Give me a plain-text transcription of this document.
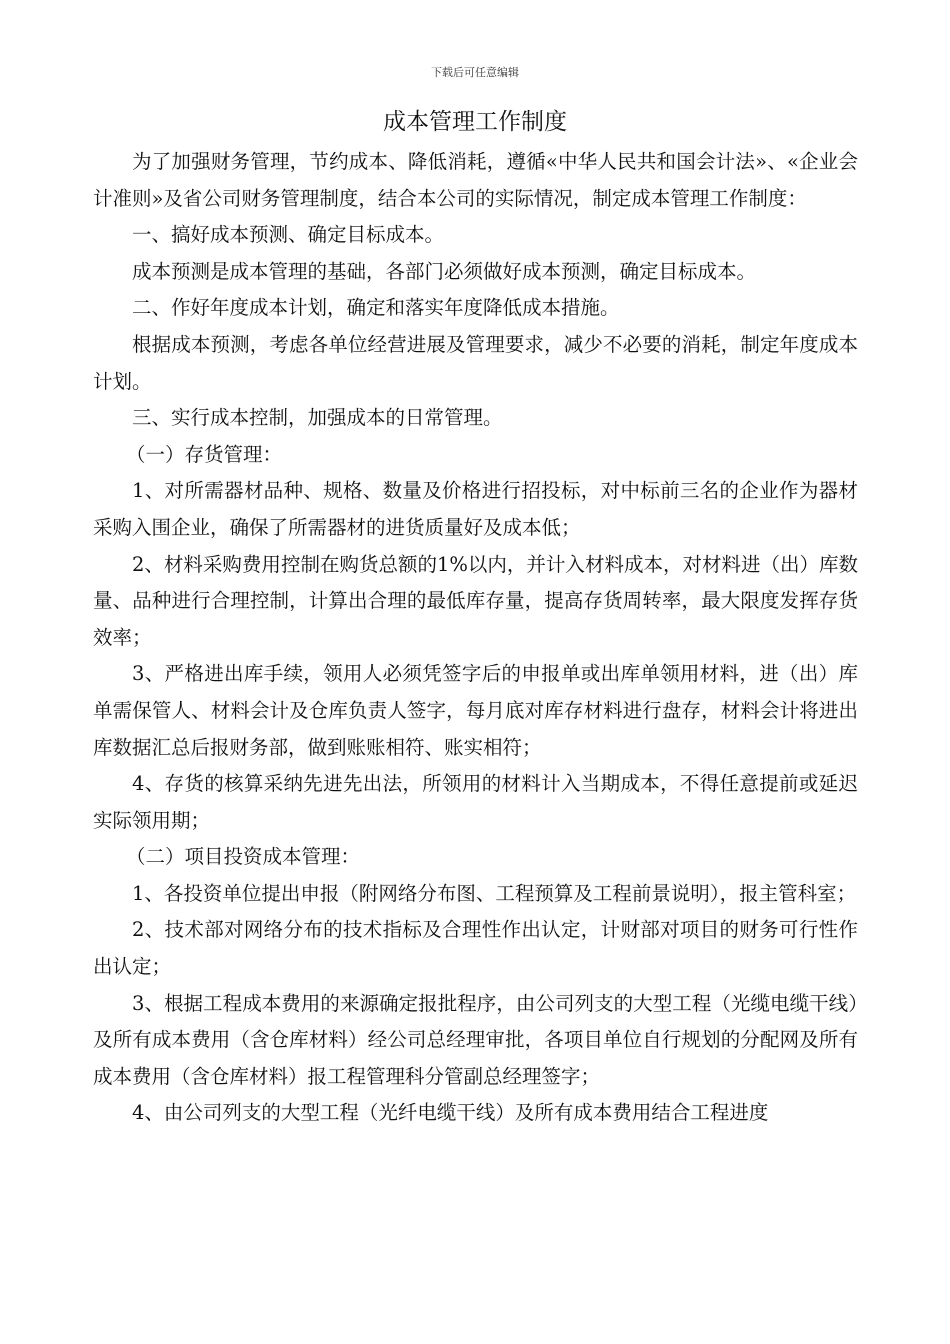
下载后可任意编辑
成本管理工作制度

为了加强财务管理，节约成本、降低消耗，遵循«中华人民共和国会计法»、«企业会计准则»及省公司财务管理制度，结合本公司的实际情况，制定成本管理工作制度：

一、搞好成本预测、确定目标成本。

成本预测是成本管理的基础，各部门必须做好成本预测，确定目标成本。

二、作好年度成本计划，确定和落实年度降低成本措施。

根据成本预测，考虑各单位经营进展及管理要求，减少不必要的消耗，制定年度成本计划。

三、实行成本控制，加强成本的日常管理。

（一）存货管理：

1、对所需器材品种、规格、数量及价格进行招投标，对中标前三名的企业作为器材采购入围企业，确保了所需器材的进货质量好及成本低；

2、材料采购费用控制在购货总额的1%以内，并计入材料成本，对材料进（出）库数量、品种进行合理控制，计算出合理的最低库存量，提高存货周转率，最大限度发挥存货效率；

3、严格进出库手续，领用人必须凭签字后的申报单或出库单领用材料，进（出）库单需保管人、材料会计及仓库负责人签字，每月底对库存材料进行盘存，材料会计将进出库数据汇总后报财务部，做到账账相符、账实相符；

4、存货的核算采纳先进先出法，所领用的材料计入当期成本，不得任意提前或延迟实际领用期；

（二）项目投资成本管理：

1、各投资单位提出申报（附网络分布图、工程预算及工程前景说明），报主管科室；

2、技术部对网络分布的技术指标及合理性作出认定，计财部对项目的财务可行性作出认定；

3、根据工程成本费用的来源确定报批程序，由公司列支的大型工程（光缆电缆干线）及所有成本费用（含仓库材料）经公司总经理审批，各项目单位自行规划的分配网及所有成本费用（含仓库材料）报工程管理科分管副总经理签字；

4、由公司列支的大型工程（光纤电缆干线）及所有成本费用结合工程进度
